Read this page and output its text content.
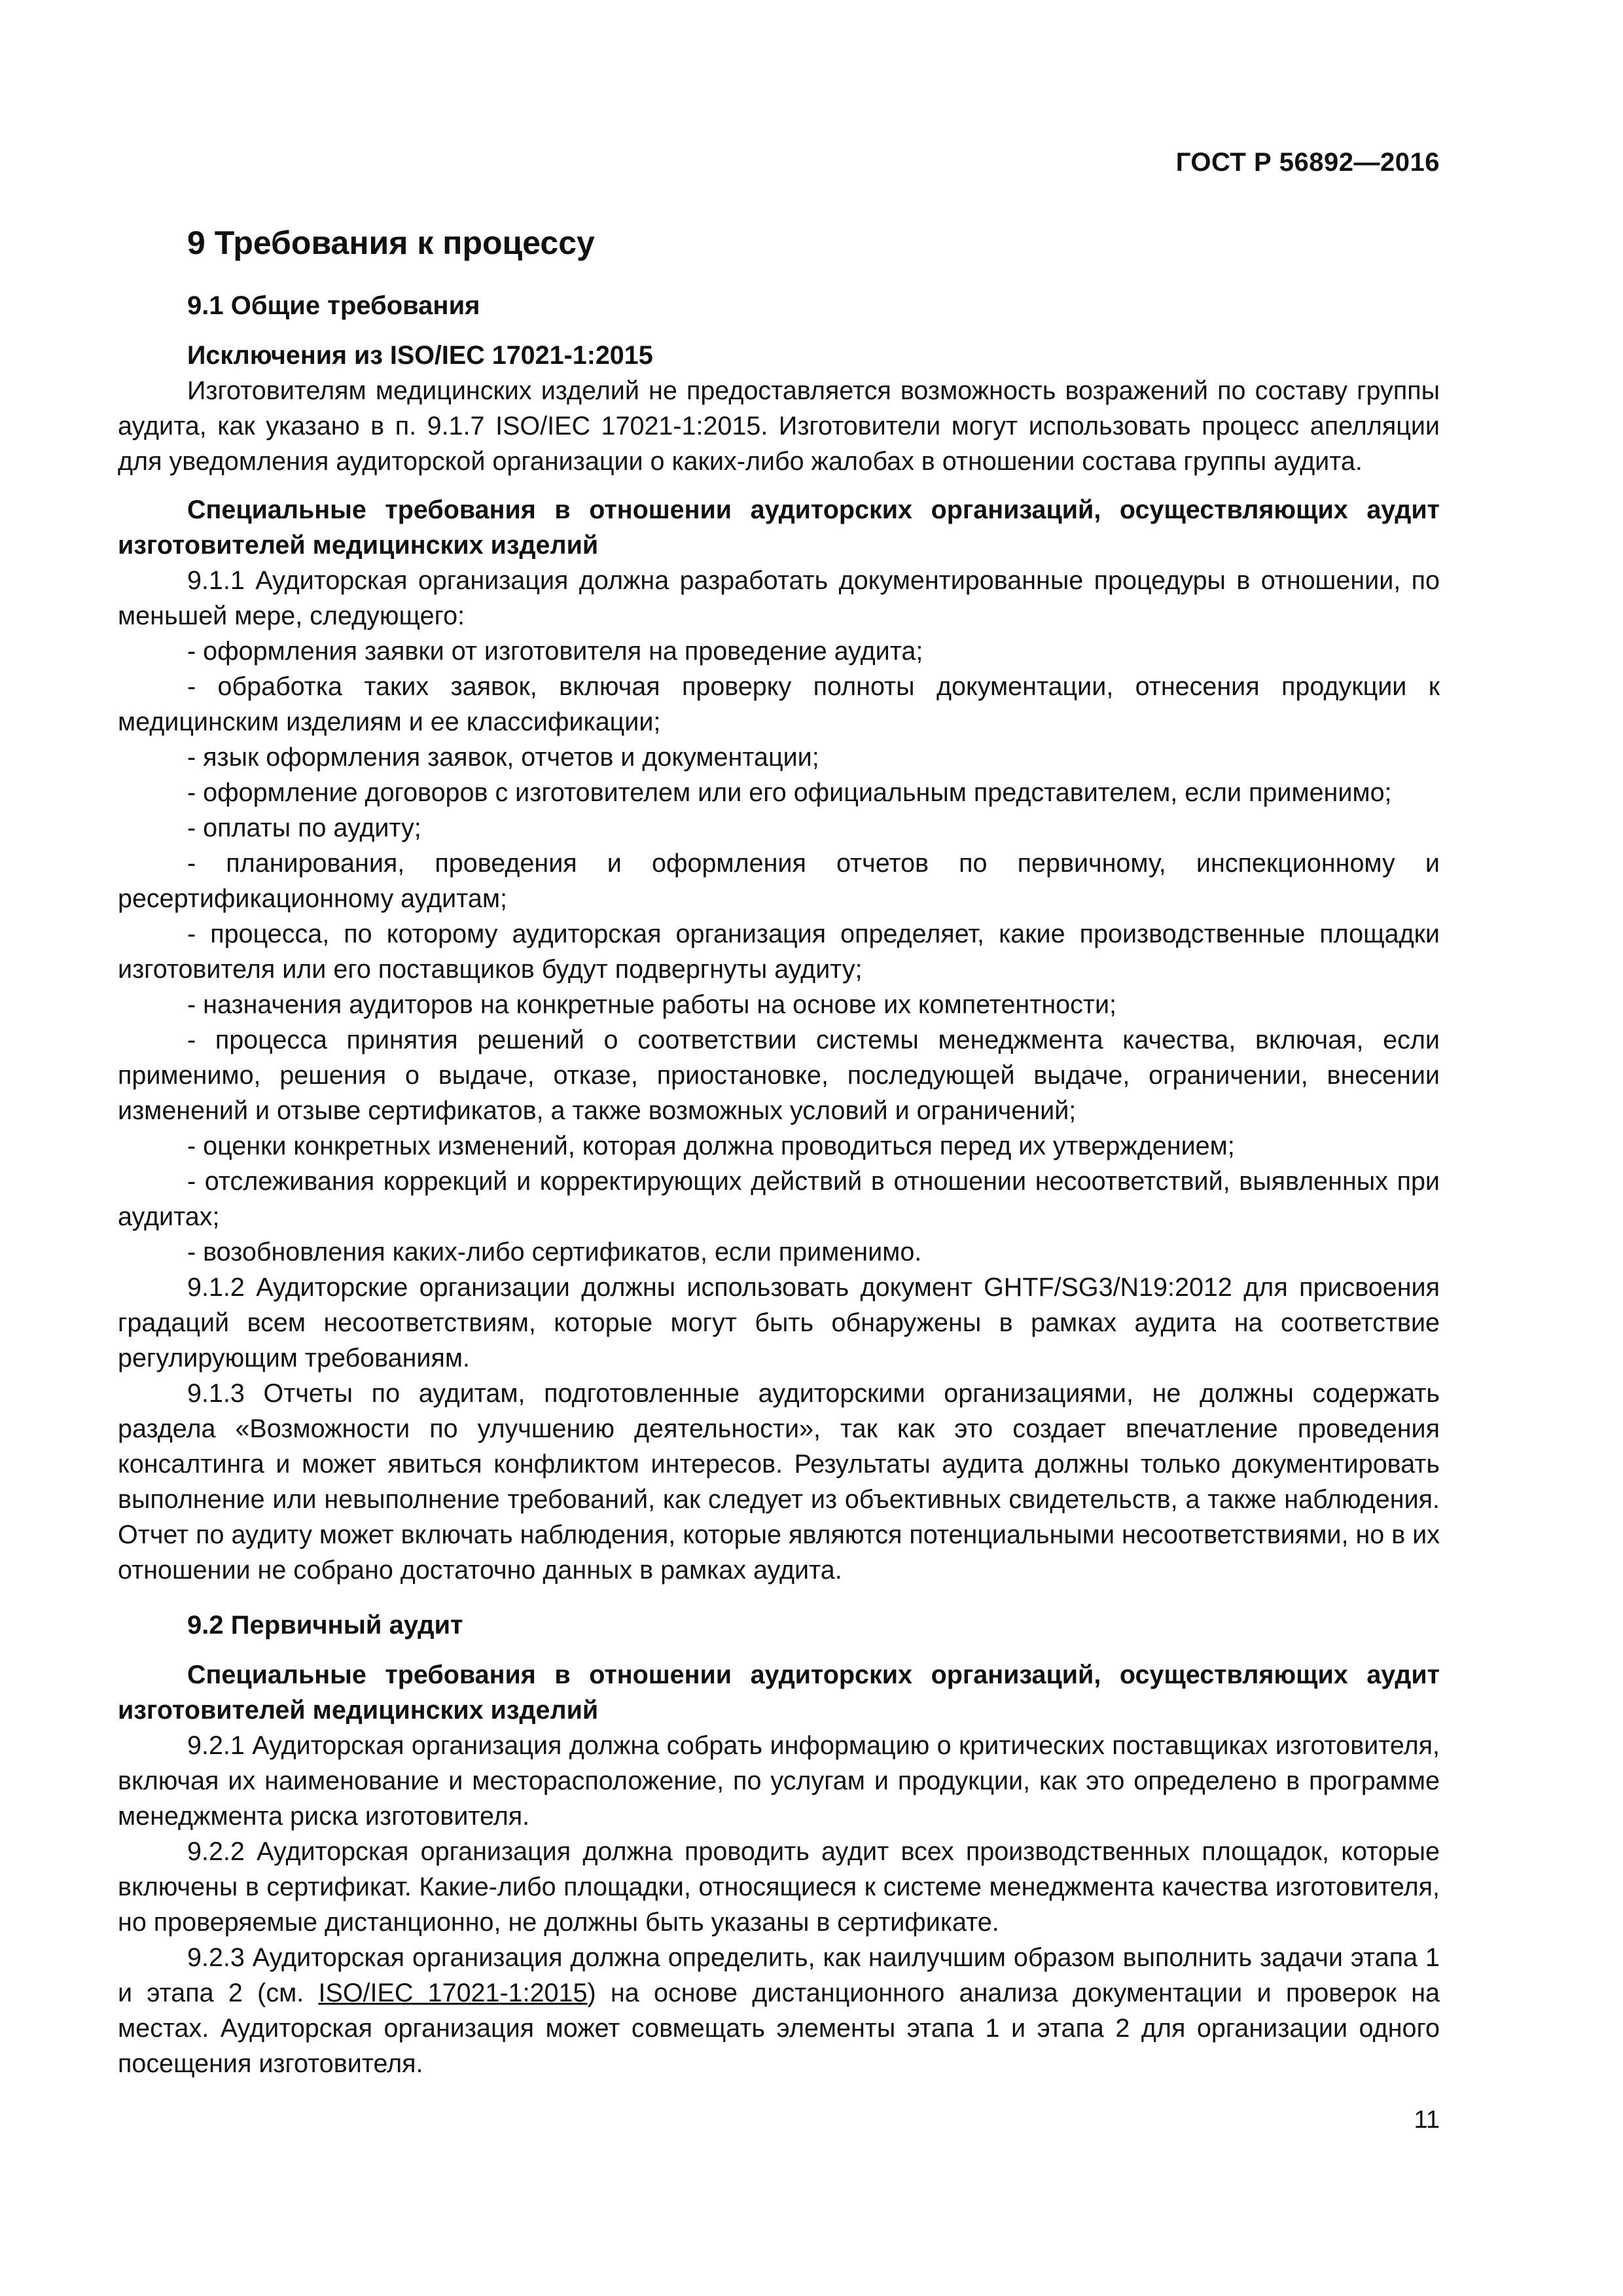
ГОСТ Р 56892—2016
9 Требования к процессу
9.1 Общие требования
Исключения из ISO/IEC 17021-1:2015

Изготовителям медицинских изделий не предоставляется возможность возражений по составу группы аудита, как указано в п. 9.1.7 ISO/IEC 17021-1:2015. Изготовители могут использовать процесс апелляции для уведомления аудиторской организации о каких-либо жалобах в отношении состава группы аудита.

Специальные требования в отношении аудиторских организаций, осуществляющих аудит изготовителей медицинских изделий

9.1.1 Аудиторская организация должна разработать документированные процедуры в отношении, по меньшей мере, следующего:

- оформления заявки от изготовителя на проведение аудита;

- обработка таких заявок, включая проверку полноты документации, отнесения продукции к медицинским изделиям и ее классификации;

- язык оформления заявок, отчетов и документации;

- оформление договоров с изготовителем или его официальным представителем, если применимо;

- оплаты по аудиту;

- планирования, проведения и оформления отчетов по первичному, инспекционному и ресертификационному аудитам;

- процесса, по которому аудиторская организация определяет, какие производственные площадки изготовителя или его поставщиков будут подвергнуты аудиту;

- назначения аудиторов на конкретные работы на основе их компетентности;

- процесса принятия решений о соответствии системы менеджмента качества, включая, если применимо, решения о выдаче, отказе, приостановке, последующей выдаче, ограничении, внесении изменений и отзыве сертификатов, а также возможных условий и ограничений;

- оценки конкретных изменений, которая должна проводиться перед их утверждением;

- отслеживания коррекций и корректирующих действий в отношении несоответствий, выявленных при аудитах;

- возобновления каких-либо сертификатов, если применимо.

9.1.2 Аудиторские организации должны использовать документ GHTF/SG3/N19:2012 для присвоения градаций всем несоответствиям, которые могут быть обнаружены в рамках аудита на соответствие регулирующим требованиям.

9.1.3 Отчеты по аудитам, подготовленные аудиторскими организациями, не должны содержать раздела «Возможности по улучшению деятельности», так как это создает впечатление проведения консалтинга и может явиться конфликтом интересов. Результаты аудита должны только документировать выполнение или невыполнение требований, как следует из объективных свидетельств, а также наблюдения. Отчет по аудиту может включать наблюдения, которые являются потенциальными несоответствиями, но в их отношении не собрано достаточно данных в рамках аудита.

9.2 Первичный аудит
Специальные требования в отношении аудиторских организаций, осуществляющих аудит изготовителей медицинских изделий

9.2.1 Аудиторская организация должна собрать информацию о критических поставщиках изготовителя, включая их наименование и месторасположение, по услугам и продукции, как это определено в программе менеджмента риска изготовителя.

9.2.2 Аудиторская организация должна проводить аудит всех производственных площадок, которые включены в сертификат. Какие-либо площадки, относящиеся к системе менеджмента качества изготовителя, но проверяемые дистанционно, не должны быть указаны в сертификате.

9.2.3 Аудиторская организация должна определить, как наилучшим образом выполнить задачи этапа 1 и этапа 2 (см. ISO/IEC 17021-1:2015) на основе дистанционного анализа документации и проверок на местах. Аудиторская организация может совмещать элементы этапа 1 и этапа 2 для организации одного посещения изготовителя.

11
